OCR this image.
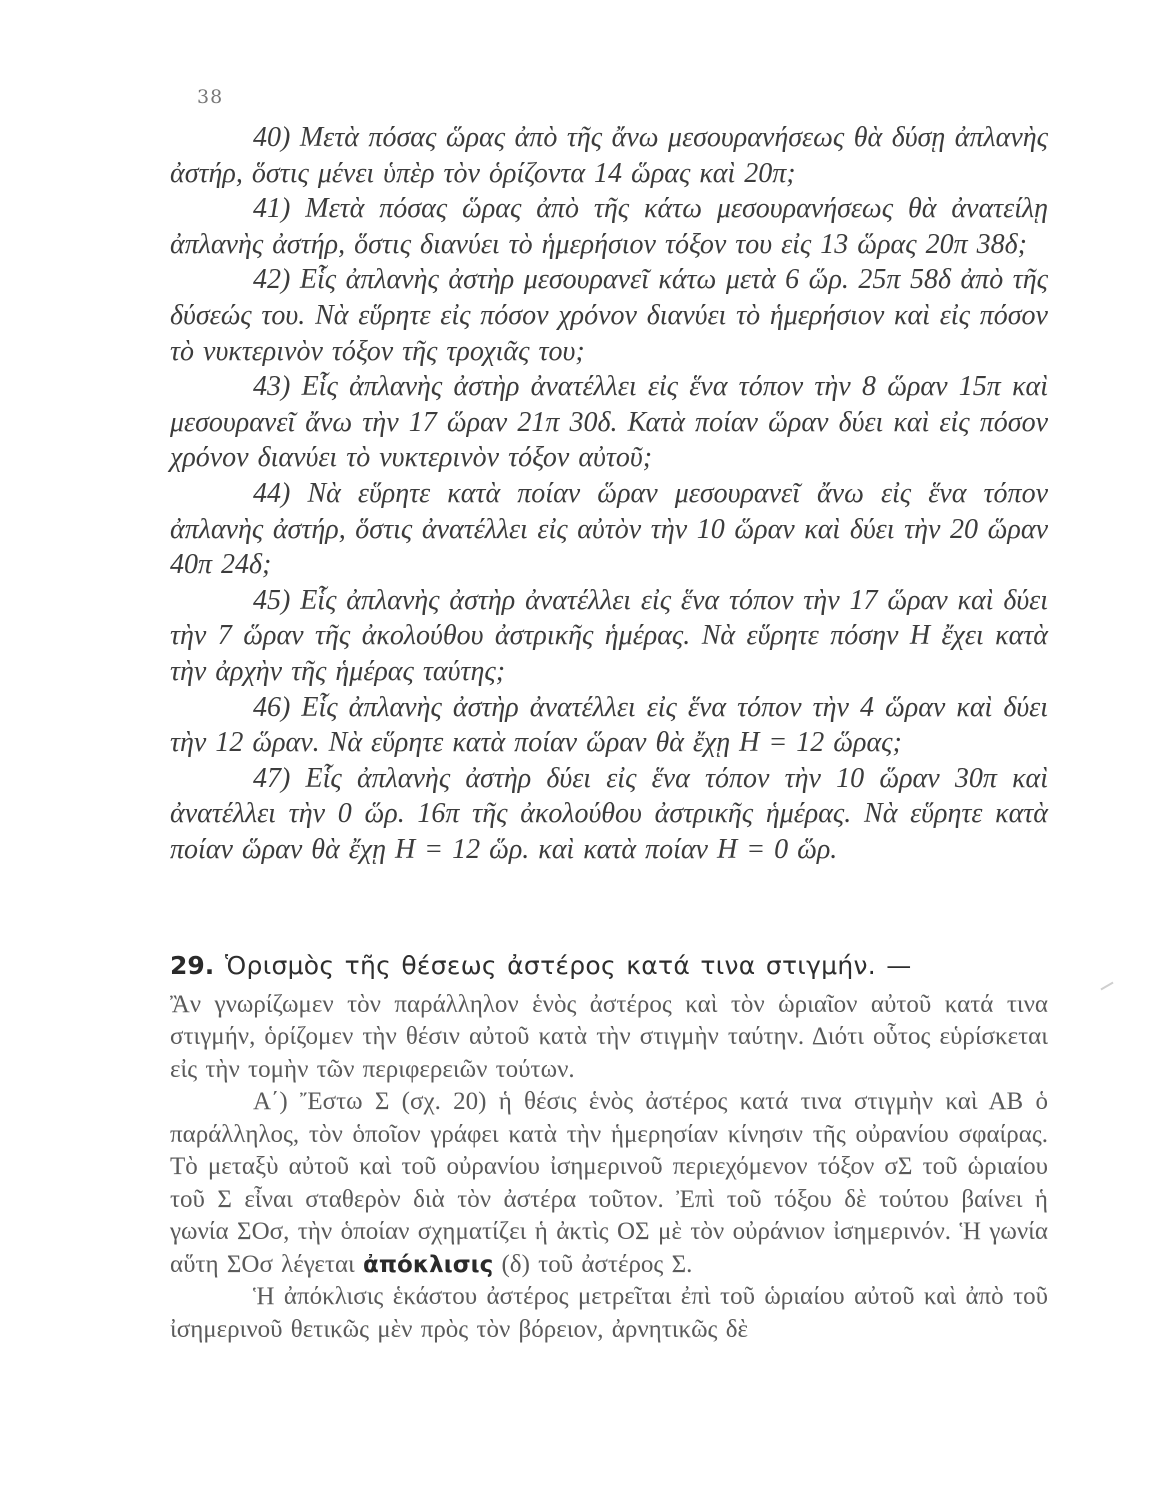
38

40) Μετὰ πόσας ὥρας ἀπὸ τῆς ἄνω μεσουρανήσεως θὰ δύσῃ ἀπλανὴς ἀστήρ, ὅστις μένει ὑπὲρ τὸν ὁρίζοντα 14 ὥρας καὶ 20π;

41) Μετὰ πόσας ὥρας ἀπὸ τῆς κάτω μεσουρανήσεως θὰ ἀνατείλῃ ἀπλανὴς ἀστήρ, ὅστις διανύει τὸ ἡμερήσιον τόξον του εἰς 13 ὥρας 20π 38δ;

42) Εἷς ἀπλανὴς ἀστὴρ μεσουρανεῖ κάτω μετὰ 6 ὥρ. 25π 58δ ἀπὸ τῆς δύσεώς του. Νὰ εὕρητε εἰς πόσον χρόνον διανύει τὸ ἡμερήσιον καὶ εἰς πόσον τὸ νυκτερινὸν τόξον τῆς τροχιᾶς του;

43) Εἷς ἀπλανὴς ἀστὴρ ἀνατέλλει εἰς ἕνα τόπον τὴν 8 ὥραν 15π καὶ μεσουρανεῖ ἄνω τὴν 17 ὥραν 21π 30δ. Κατὰ ποίαν ὥραν δύει καὶ εἰς πόσον χρόνον διανύει τὸ νυκτερινὸν τόξον αὐτοῦ;

44) Νὰ εὕρητε κατὰ ποίαν ὥραν μεσουρανεῖ ἄνω εἰς ἕνα τόπον ἀπλανὴς ἀστήρ, ὅστις ἀνατέλλει εἰς αὐτὸν τὴν 10 ὥραν καὶ δύει τὴν 20 ὥραν 40π 24δ;

45) Εἷς ἀπλανὴς ἀστὴρ ἀνατέλλει εἰς ἕνα τόπον τὴν 17 ὥραν καὶ δύει τὴν 7 ὥραν τῆς ἀκολούθου ἀστρικῆς ἡμέρας. Νὰ εὕρητε πόσην Η ἔχει κατὰ τὴν ἀρχὴν τῆς ἡμέρας ταύτης;

46) Εἷς ἀπλανὴς ἀστὴρ ἀνατέλλει εἰς ἕνα τόπον τὴν 4 ὥραν καὶ δύει τὴν 12 ὥραν. Νὰ εὕρητε κατὰ ποίαν ὥραν θὰ ἔχῃ Η = 12 ὥρας;

47) Εἷς ἀπλανὴς ἀστὴρ δύει εἰς ἕνα τόπον τὴν 10 ὥραν 30π καὶ ἀνατέλλει τὴν 0 ὥρ. 16π τῆς ἀκολούθου ἀστρικῆς ἡμέρας. Νὰ εὕρητε κατὰ ποίαν ὥραν θὰ ἔχῃ Η = 12 ὥρ. καὶ κατὰ ποίαν Η = 0 ὥρ.

29. Ὁρισμὸς τῆς θέσεως ἀστέρος κατά τινα στιγμήν. —
Ἂν γνωρίζωμεν τὸν παράλληλον ἑνὸς ἀστέρος καὶ τὸν ὡριαῖον αὐτοῦ κατά τινα στιγμήν, ὁρίζομεν τὴν θέσιν αὐτοῦ κατὰ τὴν στιγμὴν ταύτην. Διότι οὗτος εὑρίσκεται εἰς τὴν τομὴν τῶν περιφερειῶν τούτων.

Α΄) Ἔστω Σ (σχ. 20) ἡ θέσις ἑνὸς ἀστέρος κατά τινα στιγμὴν καὶ ΑΒ ὁ παράλληλος, τὸν ὁποῖον γράφει κατὰ τὴν ἡμερησίαν κίνησιν τῆς οὐρανίου σφαίρας. Τὸ μεταξὺ αὐτοῦ καὶ τοῦ οὐρανίου ἰσημερινοῦ περιεχόμενον τόξον σΣ τοῦ ὡριαίου τοῦ Σ εἶναι σταθερὸν διὰ τὸν ἀστέρα τοῦτον. Ἐπὶ τοῦ τόξου δὲ τούτου βαίνει ἡ γωνία ΣΟσ, τὴν ὁποίαν σχηματίζει ἡ ἀκτὶς ΟΣ μὲ τὸν οὐράνιον ἰσημερινόν. Ἡ γωνία αὕτη ΣΟσ λέγεται ἀπόκλισις (δ) τοῦ ἀστέρος Σ.

Ἡ ἀπόκλισις ἑκάστου ἀστέρος μετρεῖται ἐπὶ τοῦ ὡριαίου αὐτοῦ καὶ ἀπὸ τοῦ ἰσημερινοῦ θετικῶς μὲν πρὸς τὸν βόρειον, ἀρνητικῶς δὲ
